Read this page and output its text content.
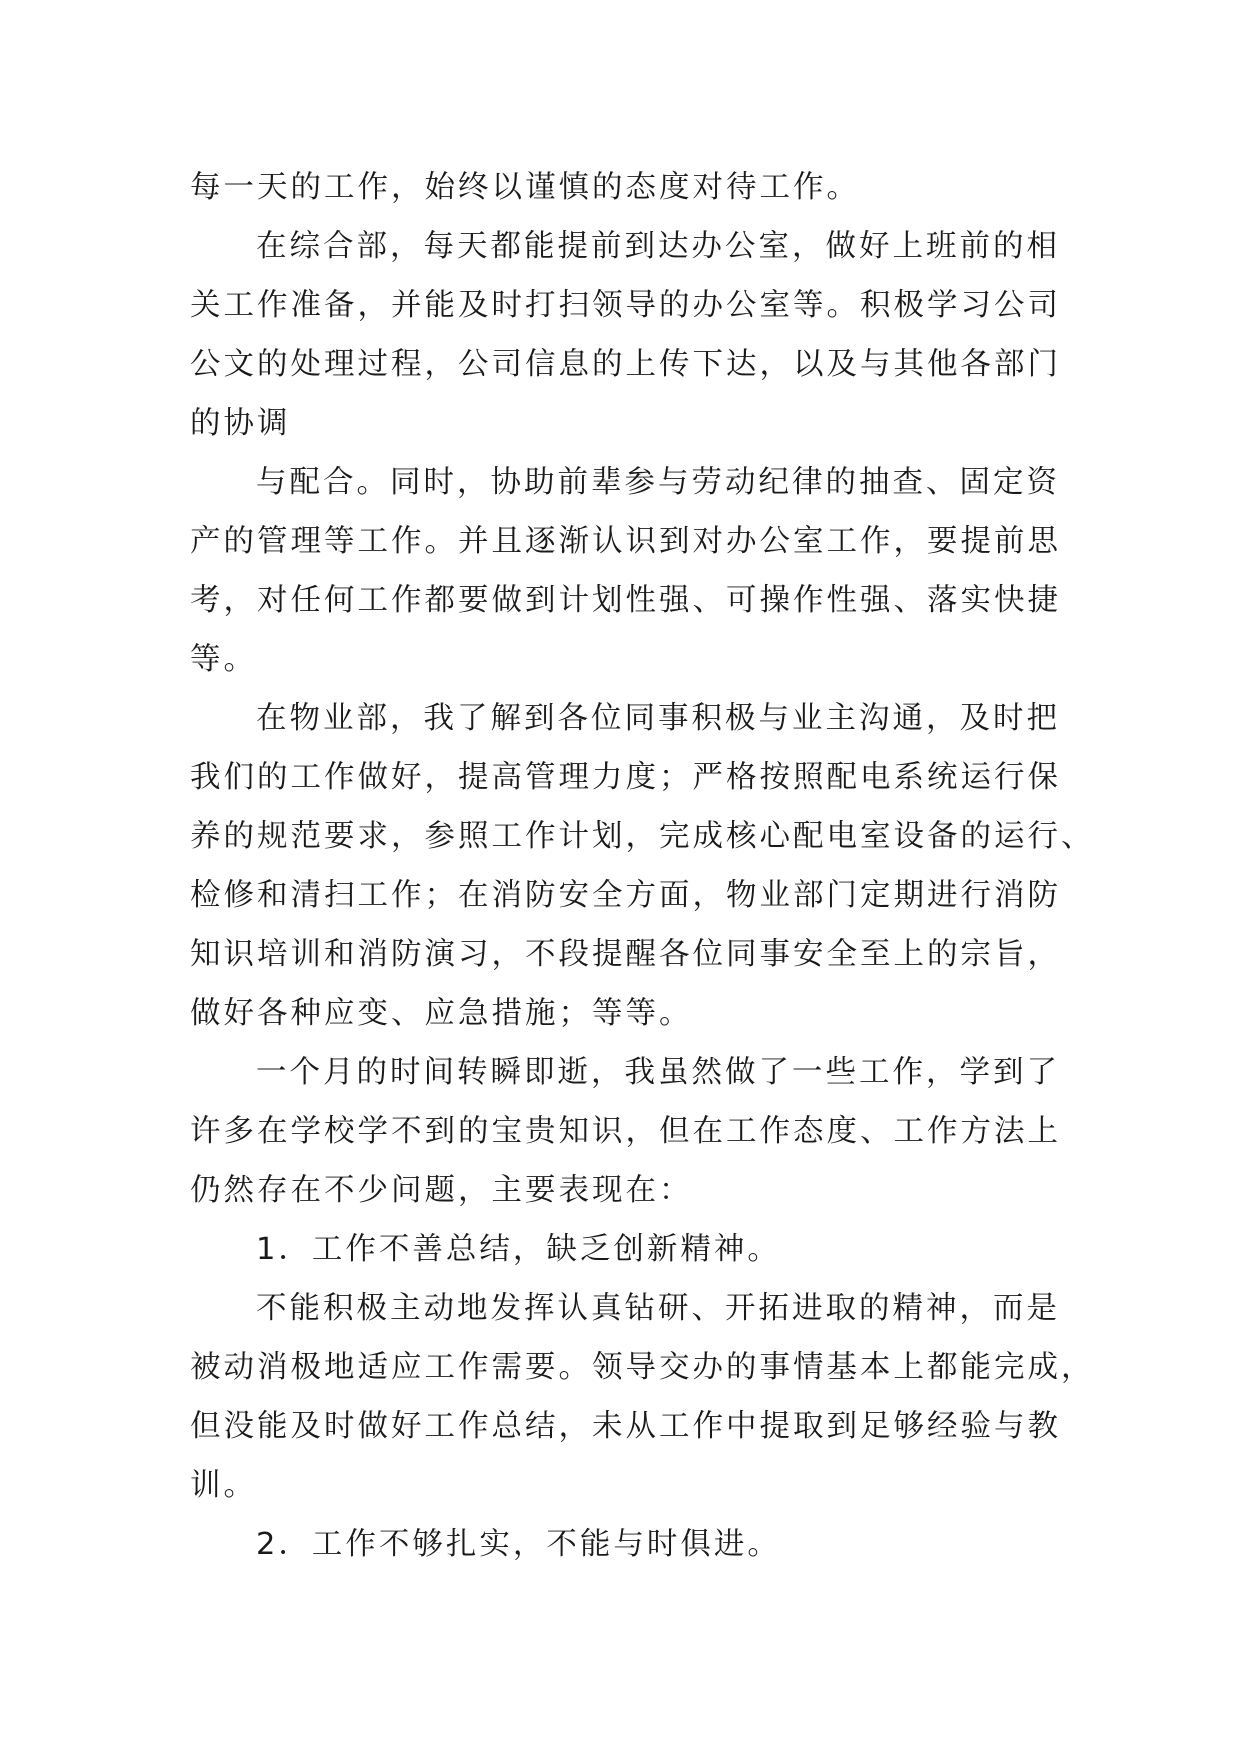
每一天的工作，始终以谨慎的态度对待工作。
在综合部，每天都能提前到达办公室，做好上班前的相
关工作准备，并能及时打扫领导的办公室等。积极学习公司
公文的处理过程，公司信息的上传下达，以及与其他各部门
的协调
与配合。同时，协助前辈参与劳动纪律的抽查、固定资
产的管理等工作。并且逐渐认识到对办公室工作，要提前思
考，对任何工作都要做到计划性强、可操作性强、落实快捷
等。
在物业部，我了解到各位同事积极与业主沟通，及时把
我们的工作做好，提高管理力度；严格按照配电系统运行保
养的规范要求，参照工作计划，完成核心配电室设备的运行、
检修和清扫工作；在消防安全方面，物业部门定期进行消防
知识培训和消防演习，不段提醒各位同事安全至上的宗旨，
做好各种应变、应急措施；等等。
一个月的时间转瞬即逝，我虽然做了一些工作，学到了
许多在学校学不到的宝贵知识，但在工作态度、工作方法上
仍然存在不少问题，主要表现在：
1．工作不善总结，缺乏创新精神。
不能积极主动地发挥认真钻研、开拓进取的精神，而是
被动消极地适应工作需要。领导交办的事情基本上都能完成，
但没能及时做好工作总结，未从工作中提取到足够经验与教
训。
2．工作不够扎实，不能与时俱进。
